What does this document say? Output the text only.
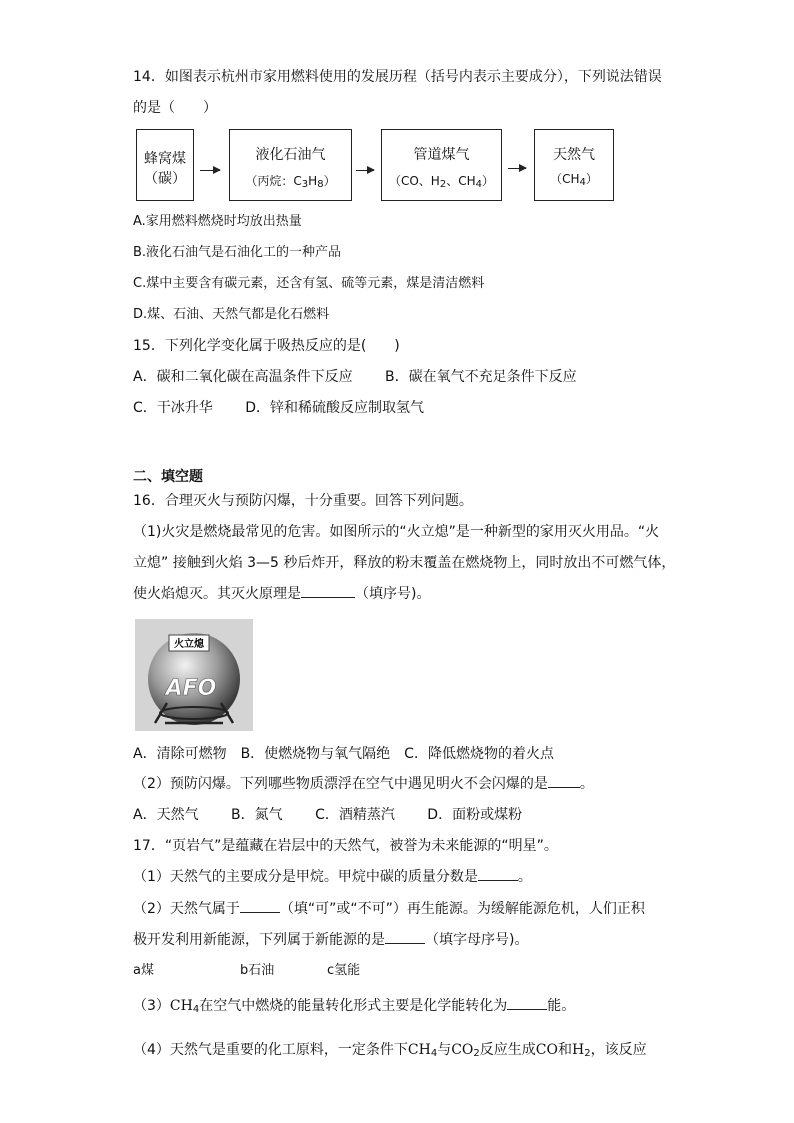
14．如图表示杭州市家用燃料使用的发展历程（括号内表示主要成分），下列说法错误
的是（　　）
蜂窝煤
（碳）
液化石油气
（丙烷：$C_3H_8$）
管道煤气
（CO、$H_2$、$CH_4$）
天然气
$(CH_4)$
A.家用燃料燃烧时均放出热量
B.液化石油气是石油化工的一种产品
C.煤中主要含有碳元素，还含有氢、硫等元素，煤是清洁燃料
D.煤、石油、天然气都是化石燃料
15．下列化学变化属于吸热反应的是(　　)
A．碳和二氧化碳在高温条件下反应　　 B．碳在氧气不充足条件下反应
C．干冰升华　　 D．锌和稀硫酸反应制取氢气
二、填空题
16．合理灭火与预防闪爆，十分重要。回答下列问题。
（1)火灾是燃烧最常见的危害。如图所示的“火立熄”是一种新型的家用灭火用品。“火
立熄” 接触到火焰 3—5 秒后炸开，释放的粉末覆盖在燃烧物上，同时放出不可燃气体，
使火焰熄灭。其灭火原理是	（填序号)。
火立熄
AFO
A．清除可燃物　B．使燃烧物与氧气隔绝　C．降低燃烧物的着火点
（2）预防闪爆。下列哪些物质漂浮在空气中遇见明火不会闪爆的是 。
A．天然气　　 B．氮气　　 C．酒精蒸汽　　 D．面粉或煤粉
17．“页岩气”是蕴藏在岩层中的天然气，被誉为未来能源的“明星”。
（1）天然气的主要成分是甲烷。甲烷中碳的质量分数是	。
（2）天然气属于	（填“可”或“不可”）再生能源。为缓解能源危机，人们正积
极开发利用新能源，下列属于新能源的是	（填字母序号)。
a煤	b石油	c氢能
$(3)CH_4$在空气中燃烧的能量转化形式主要是化学能转化为	能。
（4）天然气是重要的化工原料，一定条件下$CH_4$与$CO_2$反应生成CO和$H_2$，该反应
